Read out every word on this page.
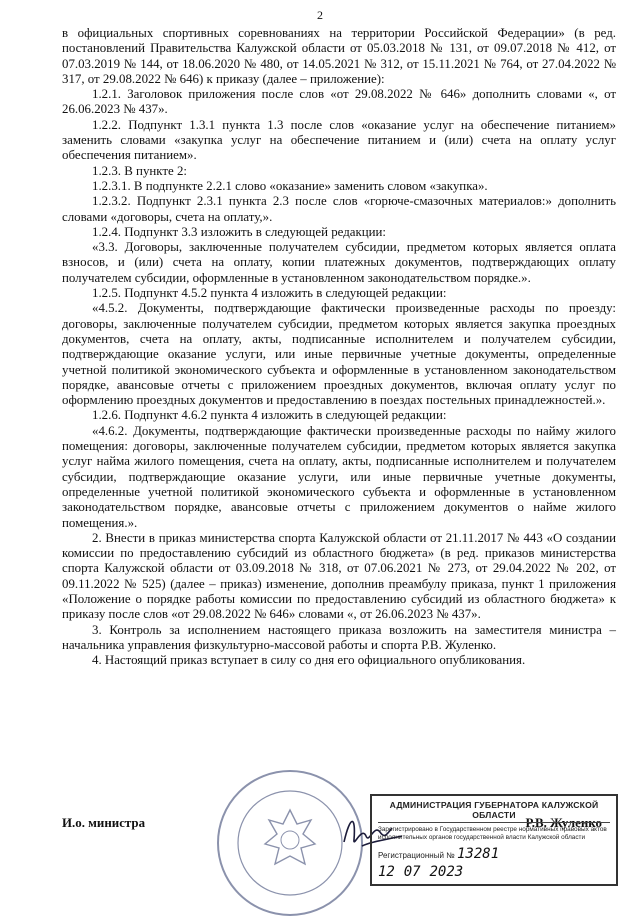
2

в официальных спортивных соревнованиях на территории Российской Федерации» (в ред. постановлений Правительства Калужской области от 05.03.2018 № 131, от 09.07.2018 № 412, от 07.03.2019 № 144, от 18.06.2020 № 480, от 14.05.2021 № 312, от 15.11.2021 № 764, от 27.04.2022 № 317, от 29.08.2022 № 646) к приказу (далее – приложение):

1.2.1. Заголовок приложения после слов «от 29.08.2022 № 646» дополнить словами «, от 26.06.2023 № 437».

1.2.2. Подпункт 1.3.1 пункта 1.3 после слов «оказание услуг на обеспечение питанием» заменить словами «закупка услуг на обеспечение питанием и (или) счета на оплату услуг обеспечения питанием».

1.2.3. В пункте 2:

1.2.3.1. В подпункте 2.2.1 слово «оказание» заменить словом «закупка».

1.2.3.2. Подпункт 2.3.1 пункта 2.3 после слов «горюче-смазочных материалов:» дополнить словами «договоры, счета на оплату,».

1.2.4. Подпункт 3.3 изложить в следующей редакции:

«3.3. Договоры, заключенные получателем субсидии, предметом которых является оплата взносов, и (или) счета на оплату, копии платежных документов, подтверждающих оплату получателем субсидии, оформленные в установленном законодательством порядке.».

1.2.5. Подпункт 4.5.2 пункта 4 изложить в следующей редакции:

«4.5.2. Документы, подтверждающие фактически произведенные расходы по проезду: договоры, заключенные получателем субсидии, предметом которых является закупка проездных документов, счета на оплату, акты, подписанные исполнителем и получателем субсидии, подтверждающие оказание услуги, или иные первичные учетные документы, определенные учетной политикой экономического субъекта и оформленные в установленном законодательством порядке, авансовые отчеты с приложением проездных документов, включая оплату услуг по оформлению проездных документов и предоставлению в поездах постельных принадлежностей.».

1.2.6. Подпункт 4.6.2 пункта 4 изложить в следующей редакции:

«4.6.2. Документы, подтверждающие фактически произведенные расходы по найму жилого помещения: договоры, заключенные получателем субсидии, предметом которых является закупка услуг найма жилого помещения, счета на оплату, акты, подписанные исполнителем и получателем субсидии, подтверждающие оказание услуги, или иные первичные учетные документы, определенные учетной политикой экономического субъекта и оформленные в установленном законодательством порядке, авансовые отчеты с приложением документов о найме жилого помещения.».

2. Внести в приказ министерства спорта Калужской области от 21.11.2017 № 443 «О создании комиссии по предоставлению субсидий из областного бюджета» (в ред. приказов министерства спорта Калужской области от 03.09.2018 № 318, от 07.06.2021 № 273, от 29.04.2022 № 202, от 09.11.2022 № 525) (далее – приказ) изменение, дополнив преамбулу приказа, пункт 1 приложения «Положение о порядке работы комиссии по предоставлению субсидий из областного бюджета» к приказу после слов «от 29.08.2022 № 646» словами «, от 26.06.2023 № 437».

3. Контроль за исполнением настоящего приказа возложить на заместителя министра – начальника управления физкультурно-массовой работы и спорта Р.В. Жуленко.

4. Настоящий приказ вступает в силу со дня его официального опубликования.

И.о. министра	Р.В. Жуленко
АДМИНИСТРАЦИЯ ГУБЕРНАТОРА КАЛУЖСКОЙ ОБЛАСТИ
Зарегистрировано в Государственном реестре нормативных правовых актов исполнительных органов государственной власти Калужской области
Регистрационный № 13281
12 07 2023
